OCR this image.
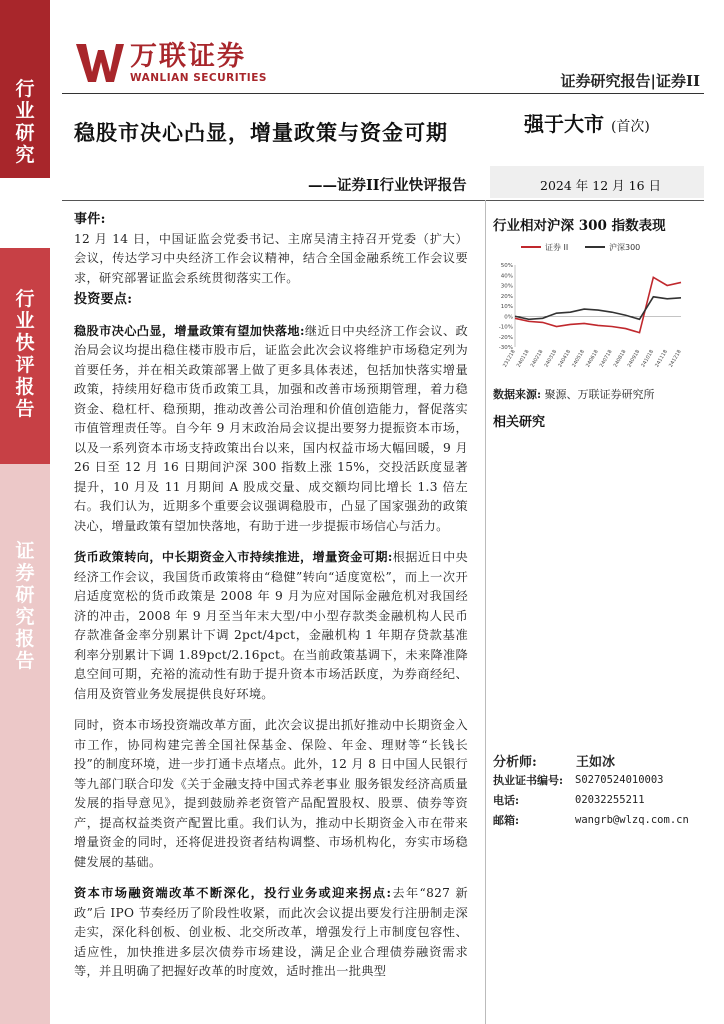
行
业
研
究
行
业
快
评
报
告
证
券
研
究
报
告
万联证券
WANLIAN SECURITIES	证券研究报告|证券II
稳股市决心凸显，增量政策与资金可期
——证券II行业快评报告
强于大市 (首次)
2024 年 12 月 16 日
事件:
12 月 14 日，中国证监会党委书记、主席吴清主持召开党委（扩大）会议，传达学习中央经济工作会议精神，结合全国金融系统工作会议要求，研究部署证监会系统贯彻落实工作。
投资要点:
稳股市决心凸显，增量政策有望加快落地:继近日中央经济工作会议、政治局会议均提出稳住楼市股市后，证监会此次会议将维护市场稳定列为首要任务，并在相关政策部署上做了更多具体表述，包括加快落实增量政策，持续用好稳市货币政策工具，加强和改善市场预期管理，着力稳资金、稳杠杆、稳预期，推动改善公司治理和价值创造能力，督促落实市值管理责任等。自今年 9 月末政治局会议提出要努力提振资本市场，以及一系列资本市场支持政策出台以来，国内权益市场大幅回暖，9 月 26 日至 12 月 16 日期间沪深 300 指数上涨 15%，交投活跃度显著提升，10 月及 11 月期间 A 股成交量、成交额均同比增长 1.3 倍左右。我们认为，近期多个重要会议强调稳股市，凸显了国家强劲的政策决心，增量政策有望加快落地，有助于进一步提振市场信心与活力。
货币政策转向，中长期资金入市持续推进，增量资金可期:根据近日中央经济工作会议，我国货币政策将由“稳健”转向“适度宽松”，而上一次开启适度宽松的货币政策是 2008 年 9 月为应对国际金融危机对我国经济的冲击，2008 年 9 月至当年末大型/中小型存款类金融机构人民币存款准备金率分别累计下调 2pct/4pct，金融机构 1 年期存贷款基准利率分别累计下调 1.89pct/2.16pct。在当前政策基调下，未来降准降息空间可期，充裕的流动性有助于提升资本市场活跃度，为券商经纪、信用及资管业务发展提供良好环境。
同时，资本市场投资端改革方面，此次会议提出抓好推动中长期资金入市工作，协同构建完善全国社保基金、保险、年金、理财等“长钱长投”的制度环境，进一步打通卡点堵点。此外，12 月 8 日中国人民银行等九部门联合印发《关于金融支持中国式养老事业 服务银发经济高质量发展的指导意见》，提到鼓励养老资管产品配置股权、股票、债券等资产，提高权益类资产配置比重。我们认为，推动中长期资金入市在带来增量资金的同时，还将促进投资者结构调整、市场机构化，夯实市场稳健发展的基础。
资本市场融资端改革不断深化，投行业务或迎来拐点:去年“827 新政”后 IPO 节奏经历了阶段性收紧，而此次会议提出要发行注册制走深走实，深化科创板、创业板、北交所改革，增强发行上市制度包容性、适应性，加快推进多层次债券市场建设，满足企业合理债券融资需求等，并且明确了把握好改革的时度效，适时推出一批典型
行业相对沪深 300 指数表现
证券 II	沪深300
50%
40%
30%
20%
10%
0%
-10%
-20%
-30%
231218 240118 240218 240318 240418 240518 240618 240718 240818 240918 241018 241118 241218
数据来源: 聚源、万联证券研究所
相关研究
分析师:	王如冰
执业证书编号: S0270524010003
电话:	02032255211
邮箱:	wangrb@wlzq.com.cn
